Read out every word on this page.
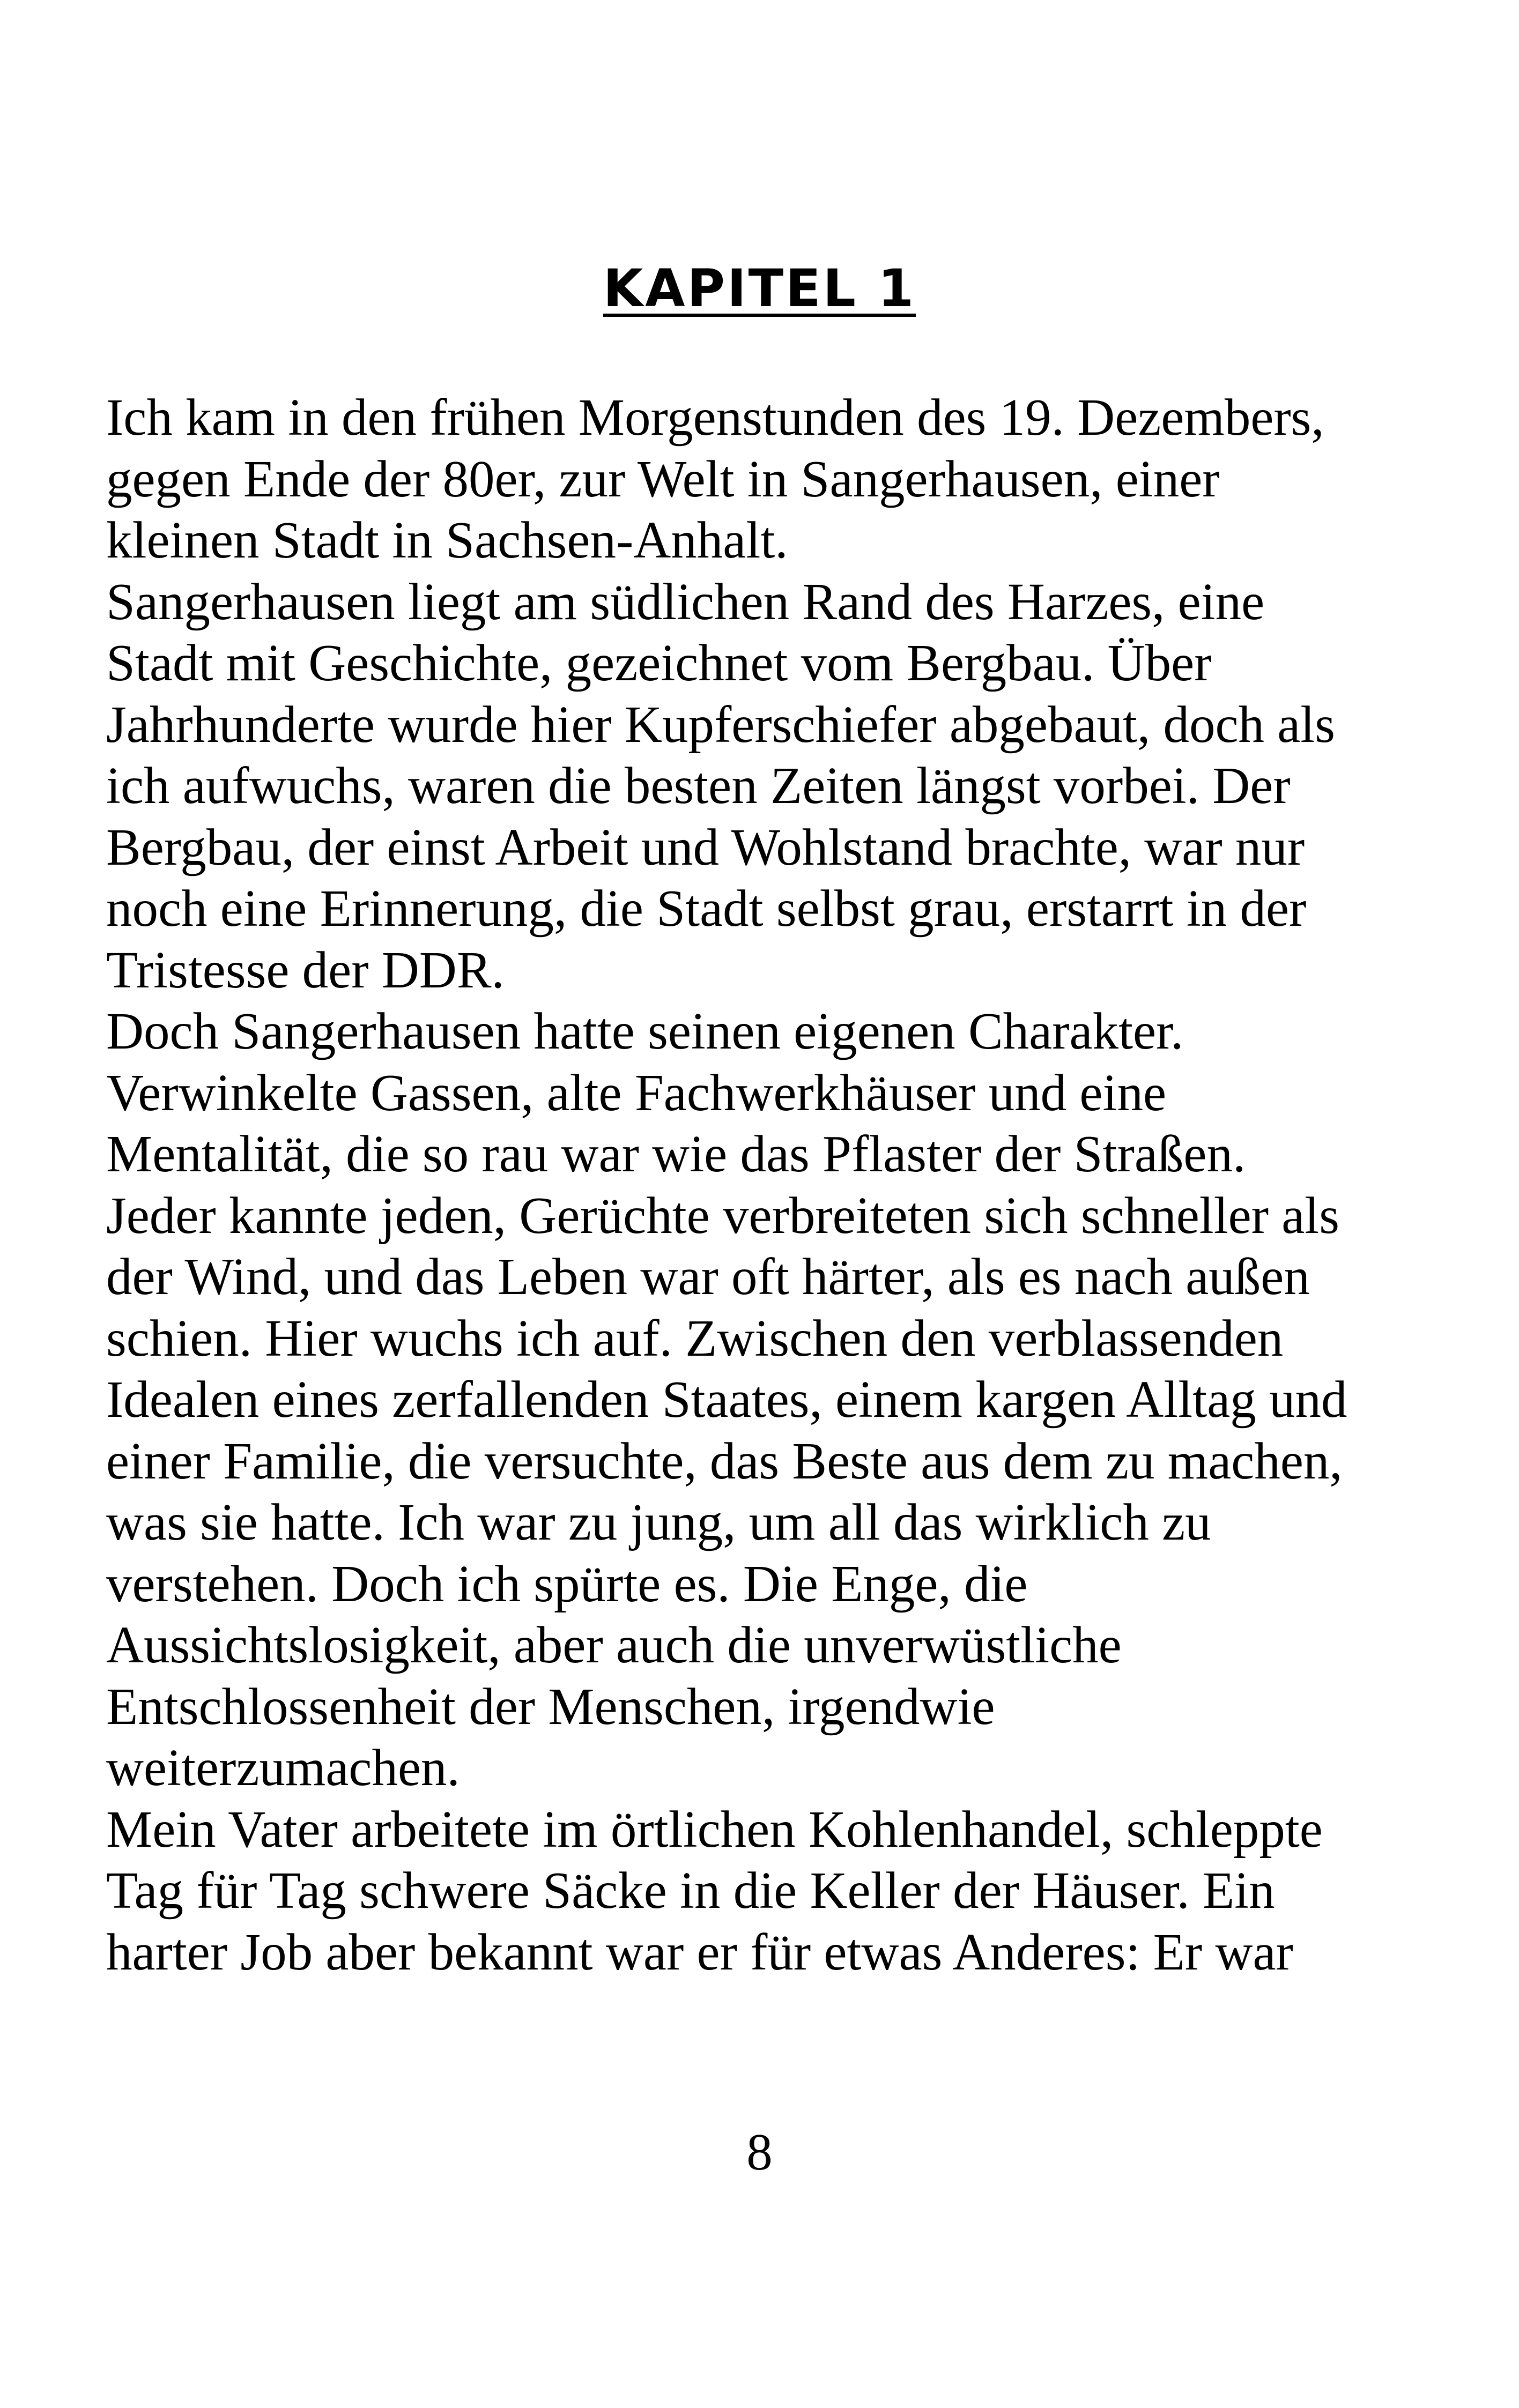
KAPITEL 1
Ich kam in den frühen Morgenstunden des 19. Dezembers,
gegen Ende der 80er, zur Welt in Sangerhausen, einer
kleinen Stadt in Sachsen-Anhalt.
Sangerhausen liegt am südlichen Rand des Harzes, eine
Stadt mit Geschichte, gezeichnet vom Bergbau. Über
Jahrhunderte wurde hier Kupferschiefer abgebaut, doch als
ich aufwuchs, waren die besten Zeiten längst vorbei. Der
Bergbau, der einst Arbeit und Wohlstand brachte, war nur
noch eine Erinnerung, die Stadt selbst grau, erstarrt in der
Tristesse der DDR.
Doch Sangerhausen hatte seinen eigenen Charakter.
Verwinkelte Gassen, alte Fachwerkhäuser und eine
Mentalität, die so rau war wie das Pflaster der Straßen.
Jeder kannte jeden, Gerüchte verbreiteten sich schneller als
der Wind, und das Leben war oft härter, als es nach außen
schien. Hier wuchs ich auf. Zwischen den verblassenden
Idealen eines zerfallenden Staates, einem kargen Alltag und
einer Familie, die versuchte, das Beste aus dem zu machen,
was sie hatte. Ich war zu jung, um all das wirklich zu
verstehen. Doch ich spürte es. Die Enge, die
Aussichtslosigkeit, aber auch die unverwüstliche
Entschlossenheit der Menschen, irgendwie
weiterzumachen.
Mein Vater arbeitete im örtlichen Kohlenhandel, schleppte
Tag für Tag schwere Säcke in die Keller der Häuser. Ein
harter Job aber bekannt war er für etwas Anderes: Er war
8
